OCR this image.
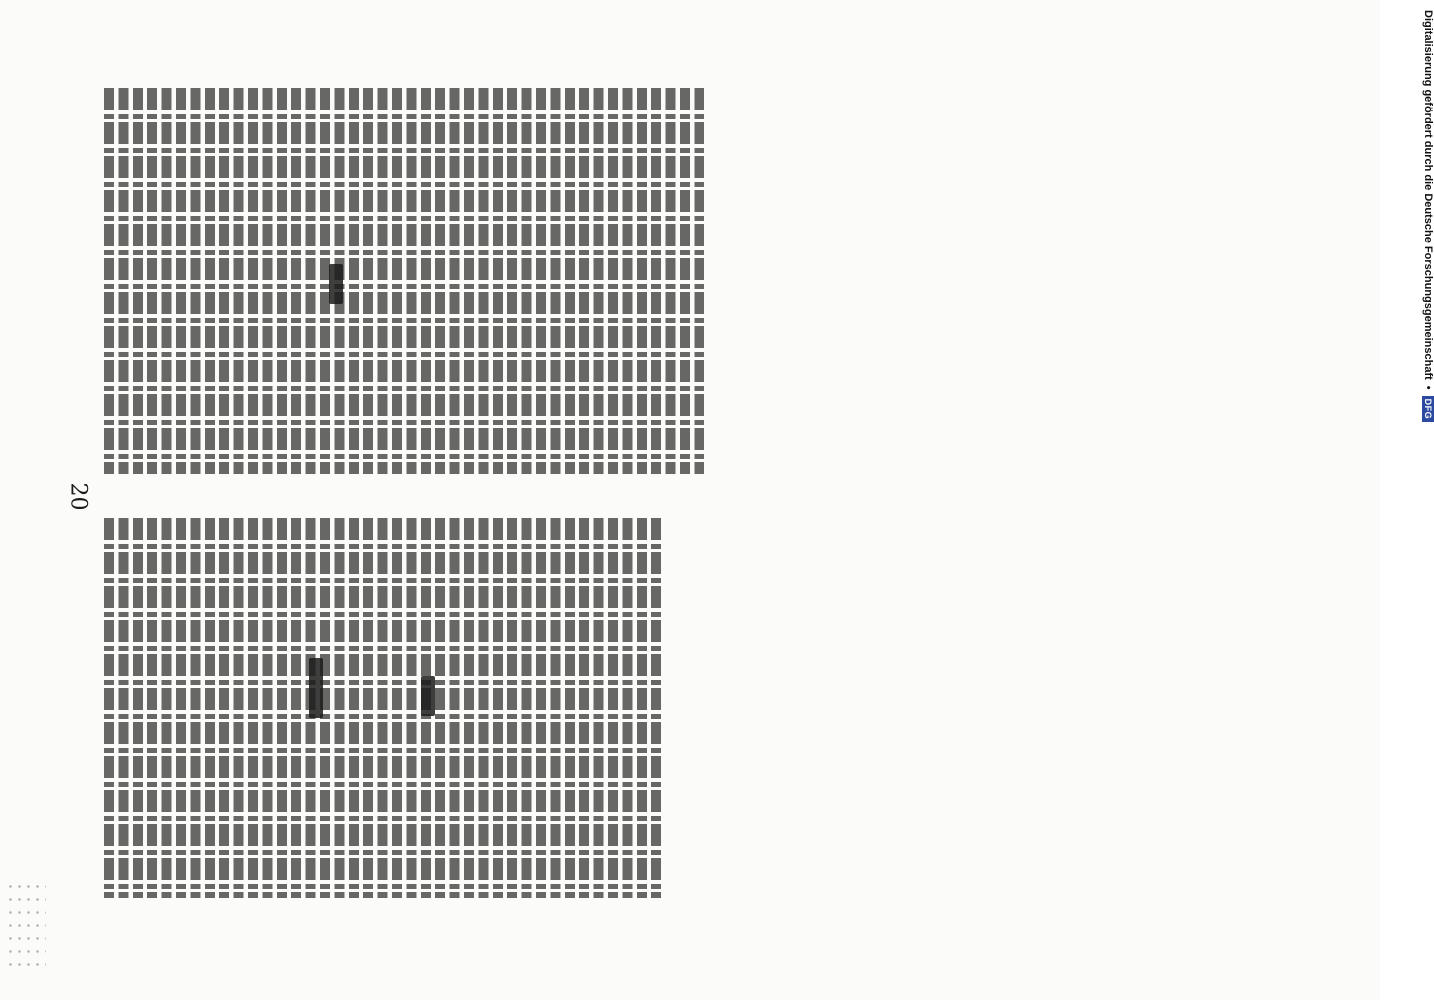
20
Digitalisierung gefördert durch die Deutsche Forschungsgemeinschaft
•
DFG
